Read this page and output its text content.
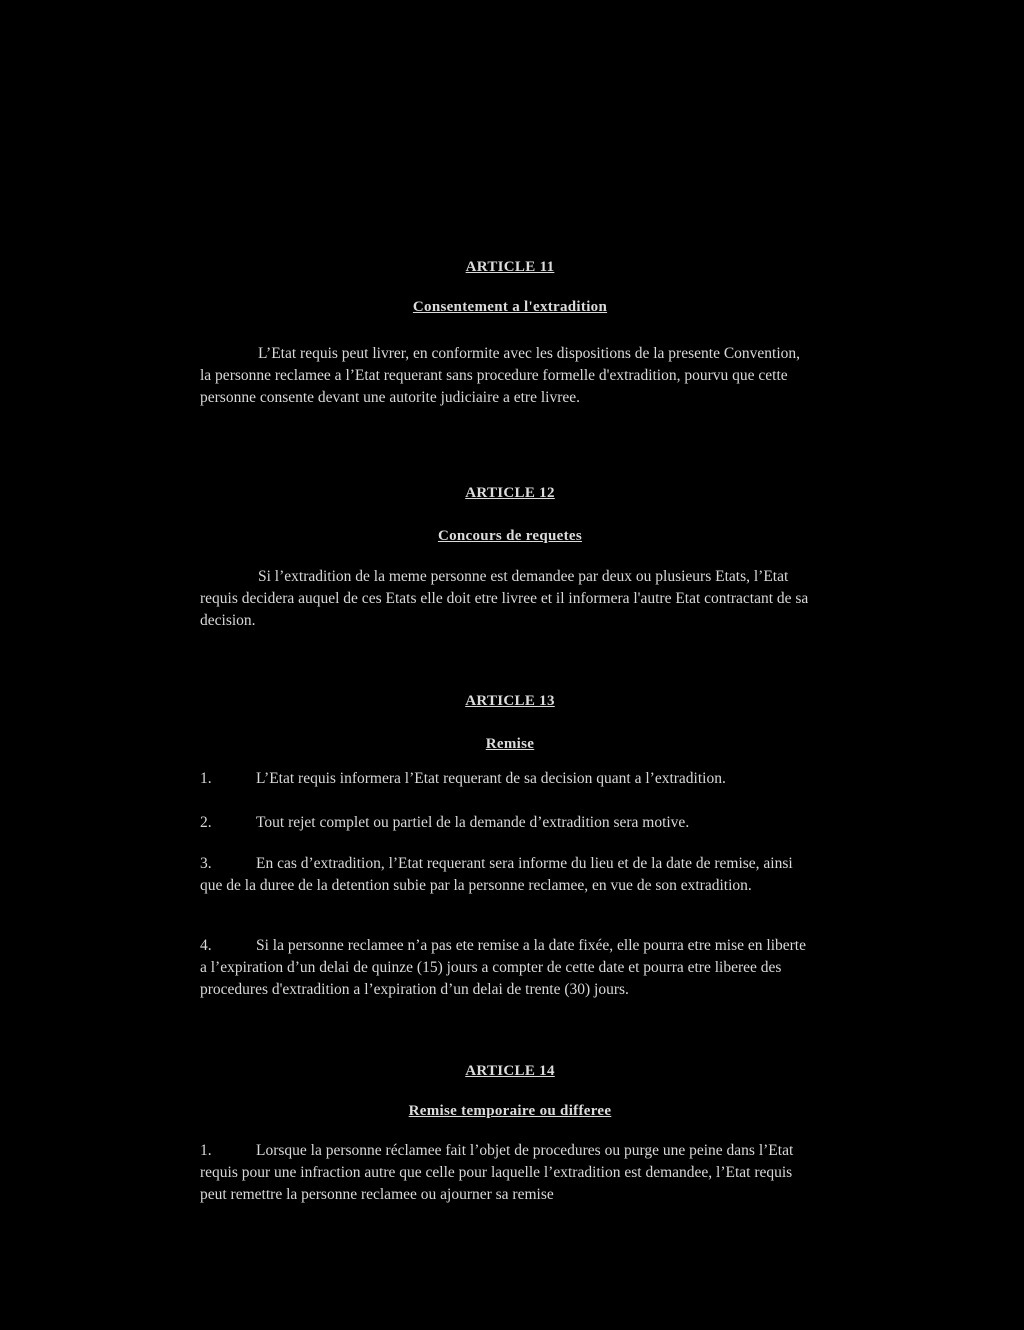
ARTICLE 11
Consentement a l'extradition

L’Etat requis peut livrer, en conformite avec les dispositions de la presente Convention, la personne reclamee a l’Etat requerant sans procedure formelle d'extradition, pourvu que cette personne consente devant une autorite judiciaire a etre livree.

ARTICLE 12
Concours de requetes

Si l’extradition de la meme personne est demandee par deux ou plusieurs Etats, l’Etat requis decidera auquel de ces Etats elle doit etre livree et il informera l'autre Etat contractant de sa decision.

ARTICLE 13
Remise
1.	L’Etat requis informera l’Etat requerant de sa decision quant a l’extradition.
2.	Tout rejet complet ou partiel de la demande d’extradition sera motive.

3.	En cas d’extradition, l’Etat requerant sera informe du lieu et de la date de remise, ainsi que de la duree de la detention subie par la personne reclamee, en vue de son extradition.

4.	Si la personne reclamee n’a pas ete remise a la date fixée, elle pourra etre mise en liberte a l’expiration d’un delai de quinze (15) jours a compter de cette date et pourra etre liberee des procedures d'extradition a l’expiration d’un delai de trente (30) jours.

ARTICLE 14
Remise temporaire ou differee

1.	Lorsque la personne réclamee fait l’objet de procedures ou purge une peine dans l’Etat requis pour une infraction autre que celle pour laquelle l’extradition est demandee, l’Etat requis peut remettre la personne reclamee ou ajourner sa remise
